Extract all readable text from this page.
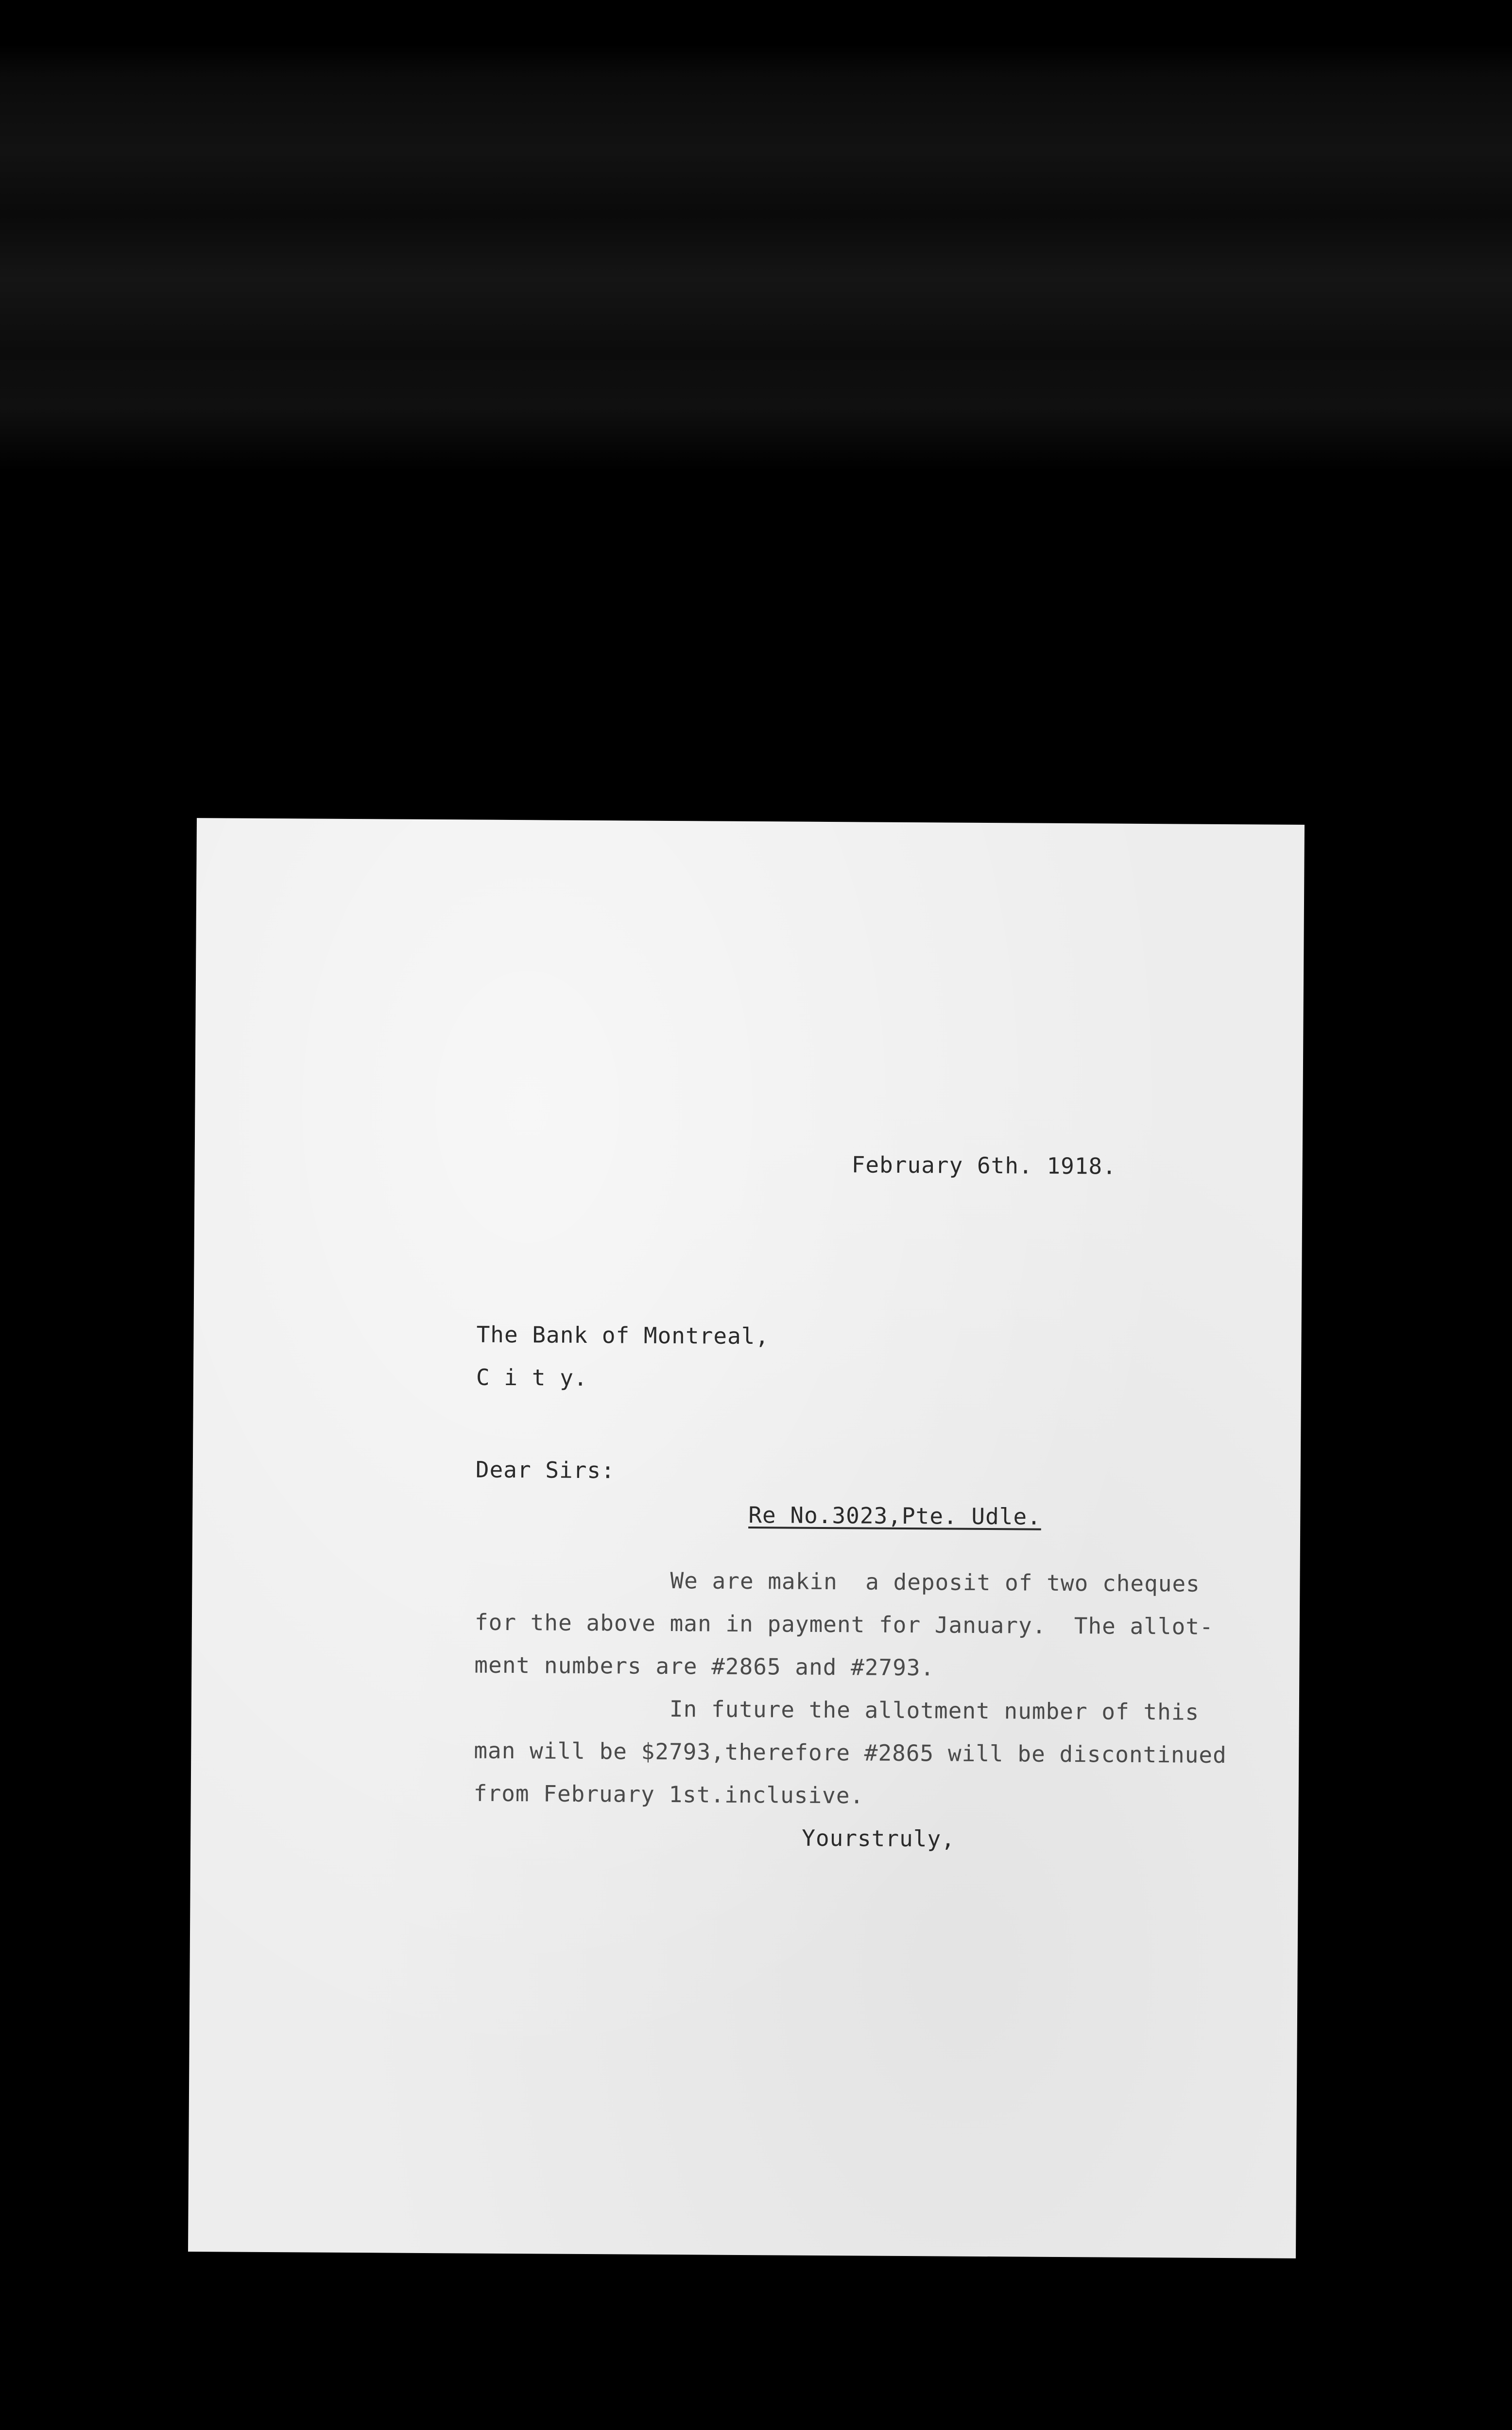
February 6th. 1918.
The Bank of Montreal,
C i t y.
Dear Sirs:
Re No.3023,Pte. Udle.
We are makin  a deposit of two cheques
for the above man in payment for January.  The allot-
ment numbers are #2865 and #2793.
In future the allotment number of this
man will be $2793,therefore #2865 will be discontinued
from February 1st.inclusive.
Yourstruly,
